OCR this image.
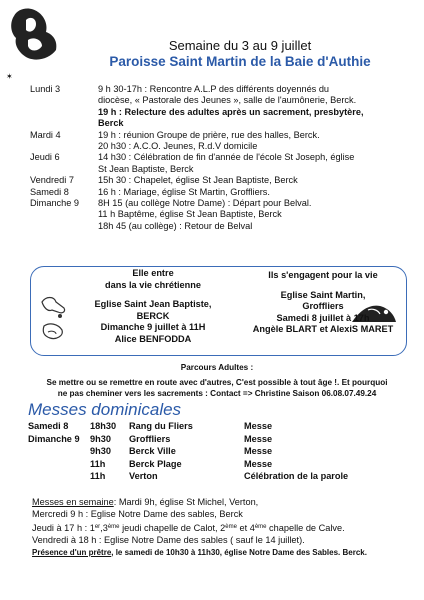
✶
Semaine du 3 au 9 juillet
Paroisse Saint Martin de la Baie d'Authie
Lundi 3	9 h 30-17h : Rencontre A.L.P des différents doyennés du
diocèse, « Pastorale des Jeunes », salle de l'aumônerie, Berck.
19 h : Relecture des adultes après un sacrement, presbytère,
Berck
Mardi 4	19 h : réunion Groupe de prière, rue des halles, Berck.
20 h30 : A.C.O. Jeunes, R.d.V domicile
Jeudi 6	14 h30 : Célébration de fin d'année de l'école St Joseph, église
St Jean Baptiste, Berck
Vendredi 7	15h 30 : Chapelet, église St Jean Baptiste, Berck
Samedi 8	16 h : Mariage, église St Martin, Groffliers.
Dimanche 9	8H 15 (au collège Notre Dame) : Départ pour Belval.
11 h Baptême, église St Jean Baptiste, Berck
18h 45 (au collège) : Retour de Belval
Elle entre
dans la vie chrétienne
Eglise Saint Jean Baptiste,
BERCK
Dimanche 9 juillet à 11H
Alice BENFODDA
Ils s'engagent pour la vie
Eglise Saint Martin,
Groffliers
Samedi 8 juillet à 17h
Angèle BLART et AlexiS MARET
Parcours Adultes :
Se mettre ou se remettre en route avec d'autres, C'est possible à tout âge !. Et pourquoi
ne pas cheminer vers les sacrements : Contact => Christine Saison 06.08.07.49.24
Messes dominicales
Samedi 8	18h30	Rang du Fliers	Messe
Dimanche 9	9h30	Groffliers	Messe
9h30	Berck Ville	Messe
11h	Berck Plage	Messe
11h	Verton	Célébration de la parole
Messes en semaine: Mardi 9h, église St Michel, Verton,
Mercredi 9 h : Eglise Notre Dame des sables, Berck
Jeudi à 17 h : 1er,3ème jeudi chapelle de Calot, 2ème et 4ème chapelle de Calve.
Vendredi à 18 h : Eglise Notre Dame des sables ( sauf le 14 juillet).
Présence d'un prêtre, le samedi de 10h30 à 11h30, église Notre Dame des Sables. Berck.
